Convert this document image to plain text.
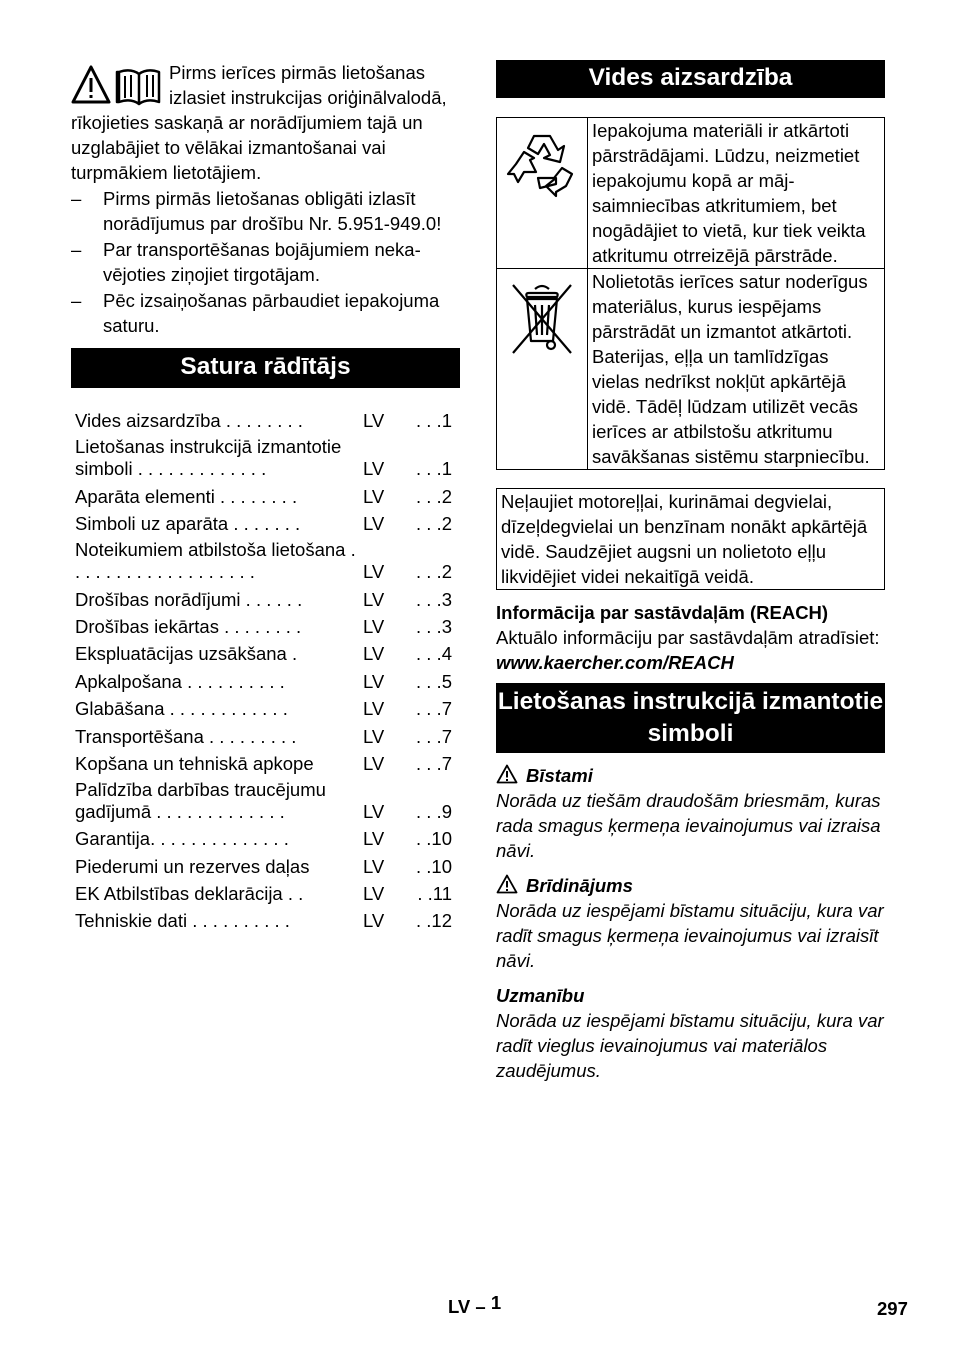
Pirms ierīces pirmās lietošanas izlasiet instrukcijas oriģinālvalodā, rīkojieties saskaņā ar norādījumiem tajā un uzglabājiet to vēlākai izmantošanai vai turpmākiem lietotājiem.

– Pirms pirmās lietošanas obligāti izlasīt norādījumus par drošību Nr. 5.951-949.0!
– Par transportēšanas bojājumiem nekavējoties ziņojiet tirgotājam.
– Pēc izsaiņošanas pārbaudiet iepakojuma saturu.
Satura rādītājs
Vides aizsardzība . . . . . . . .	LV	. . .1
Lietošanas instrukcijā izmantotie simboli . . . . . . . . . . . . .	LV	. . .1
Aparāta elementi . . . . . . . .	LV	. . .2
Simboli uz aparāta . . . . . . .	LV	. . .2
Noteikumiem atbilstoša lietošana . . . . . . . . . . . . . . . . . . .	LV	. . .2
Drošības norādījumi . . . . . .	LV	. . .3
Drošības iekārtas . . . . . . . .	LV	. . .3
Ekspluatācijas uzsākšana .	LV	. . .4
Apkalpošana . . . . . . . . . .	LV	. . .5
Glabāšana . . . . . . . . . . . .	LV	. . .7
Transportēšana . . . . . . . . .	LV	. . .7
Kopšana un tehniskā apkope	LV	. . .7
Palīdzība darbības traucējumu gadījumā . . . . . . . . . . . . .	LV	. . .9
Garantija. . . . . . . . . . . . . .	LV	. .10
Piederumi un rezerves daļas	LV	. .10
EK Atbilstības deklarācija . .	LV	. .11
Tehniskie dati . . . . . . . . . .	LV	. .12
Vides aizsardzība
	Iepakojuma materiāli ir atkārtoti pārstrādājami. Lūdzu, neizmetiet iepakojumu kopā ar mājsaimniecības atkritumiem, bet nogādājiet to vietā, kur tiek veikta atkritumu otrreizējā pārstrāde.
	Nolietotās ierīces satur noderīgus materiālus, kurus iespējams pārstrādāt un izmantot atkārtoti. Baterijas, eļļa un tamlīdzīgas vielas nedrīkst nokļūt apkārtējā vidē. Tādēļ lūdzam utilizēt vecās ierīces ar atbilstošu atkritumu savākšanas sistēmu starpniecību.
Neļaujiet motoreļļai, kurināmai degvielai, dīzeļdegvielai un benzīnam nonākt apkārtējā vidē. Saudzējiet augsni un nolietoto eļļu likvidējiet videi nekaitīgā veidā.

Informācija par sastāvdaļām (REACH)

Aktuālo informāciju par sastāvdaļām atradīsiet:

www.kaercher.com/REACH

Lietošanas instrukcijā izmantotie simboli

Bīstami

Norāda uz tiešām draudošām briesmām, kuras rada smagus ķermeņa ievainojumus vai izraisa nāvi.

Brīdinājums

Norāda uz iespējami bīstamu situāciju, kura var radīt smagus ķermeņa ievainojumus vai izraisīt nāvi.

Uzmanību

Norāda uz iespējami bīstamu situāciju, kura var radīt vieglus ievainojumus vai materiālos zaudējumus.

LV – 1	297
